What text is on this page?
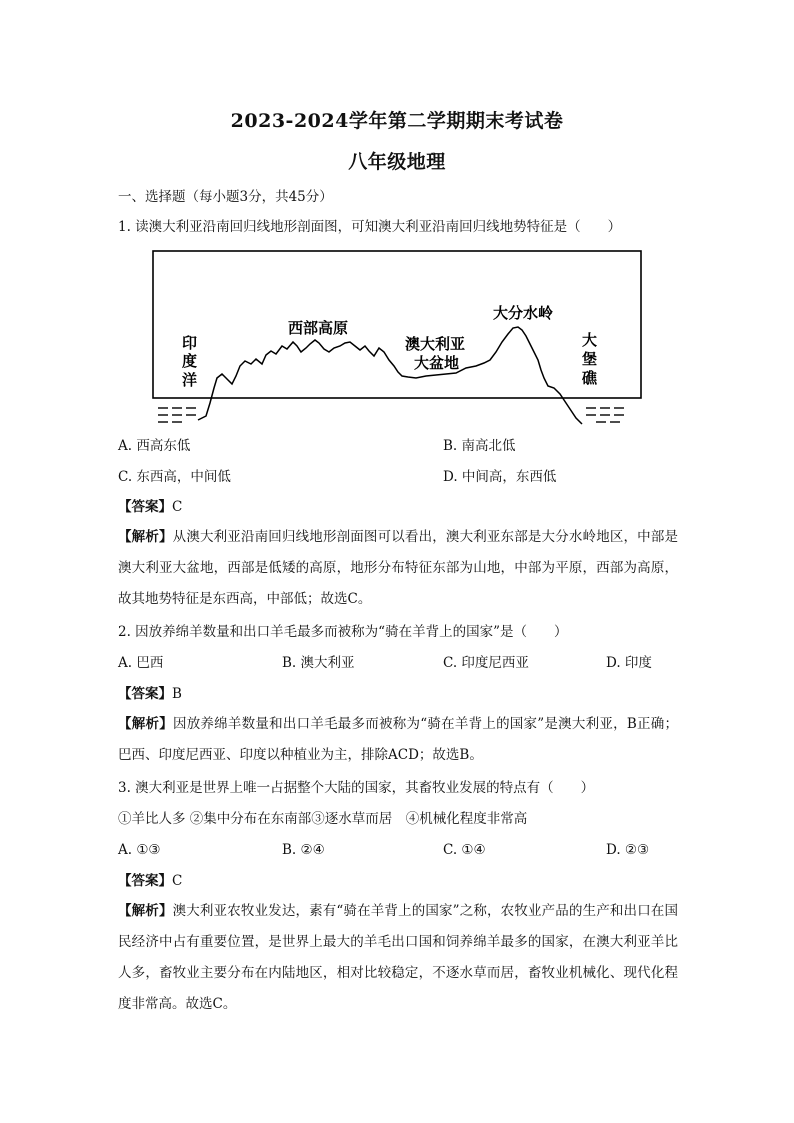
2023-2024学年第二学期期末考试卷
八年级地理
一、选择题（每小题3分，共45分）
1. 读澳大利亚沿南回归线地形剖面图，可知澳大利亚沿南回归线地势特征是（　　）
印
度
洋
西部高原
澳大利亚
大盆地
大分水岭
大
堡
礁
A. 西高东低	B. 南高北低
C. 东西高，中间低	D. 中间高，东西低
【答案】C
【解析】从澳大利亚沿南回归线地形剖面图可以看出，澳大利亚东部是大分水岭地区，中部是澳大利亚大盆地，西部是低矮的高原，地形分布特征东部为山地，中部为平原，西部为高原，故其地势特征是东西高，中部低；故选C。
2. 因放养绵羊数量和出口羊毛最多而被称为“骑在羊背上的国家”是（　　）
A. 巴西	B. 澳大利亚	C. 印度尼西亚	D. 印度
【答案】B
【解析】因放养绵羊数量和出口羊毛最多而被称为“骑在羊背上的国家”是澳大利亚，B正确；巴西、印度尼西亚、印度以种植业为主，排除ACD；故选B。
3. 澳大利亚是世界上唯一占据整个大陆的国家，其畜牧业发展的特点有（　　）
①羊比人多 ②集中分布在东南部③逐水草而居　④机械化程度非常高
A. ①③	B. ②④	C. ①④	D. ②③
【答案】C
【解析】澳大利亚农牧业发达，素有“骑在羊背上的国家”之称，农牧业产品的生产和出口在国民经济中占有重要位置，是世界上最大的羊毛出口国和饲养绵羊最多的国家，在澳大利亚羊比人多，畜牧业主要分布在内陆地区，相对比较稳定，不逐水草而居，畜牧业机械化、现代化程度非常高。故选C。
